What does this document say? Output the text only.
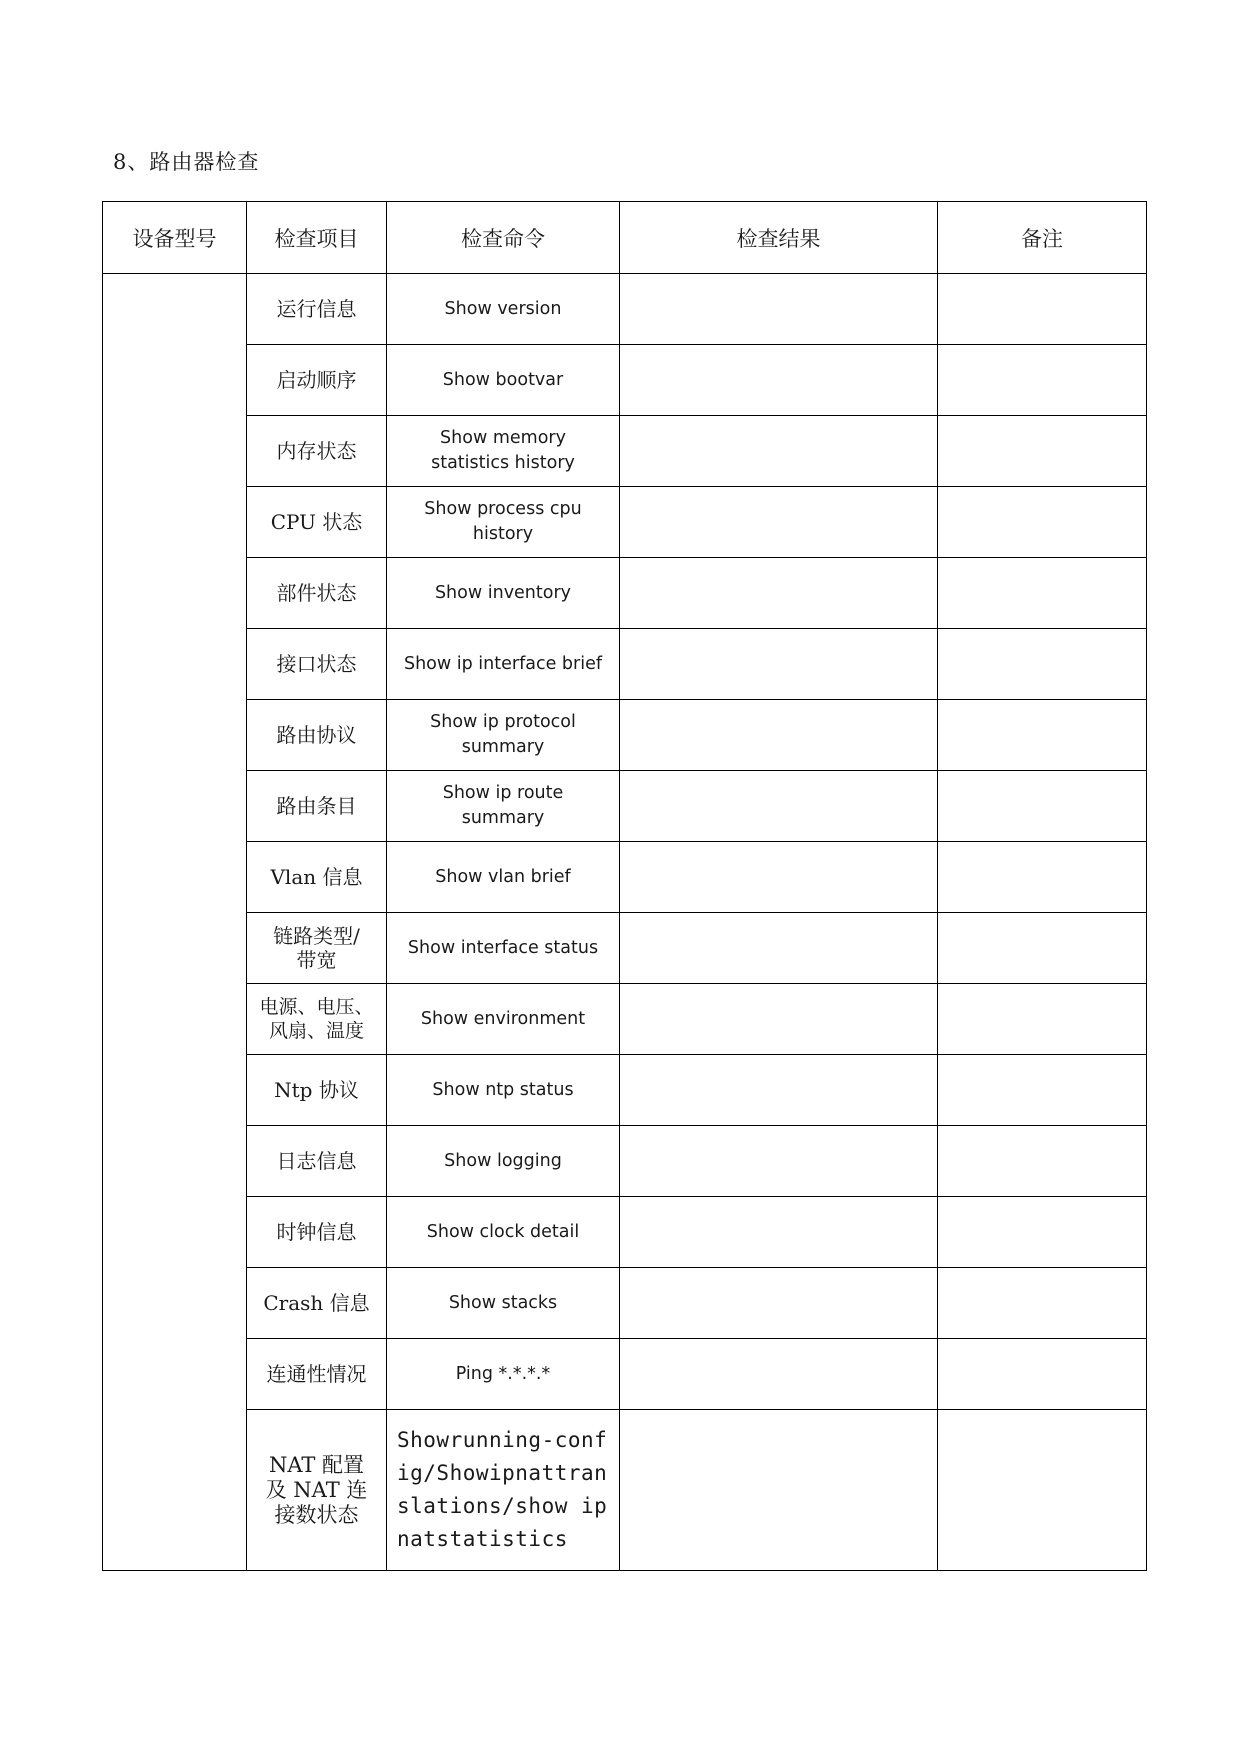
8、路由器检查
设备型号	检查项目	检查命令	检查结果	备注
	运行信息	Show version		
	启动顺序	Show bootvar		
	内存状态	Show memory statistics history		
	CPU 状态	Show process cpu history		
	部件状态	Show inventory		
	接口状态	Show ip interface brief		
	路由协议	Show ip protocol summary		
	路由条目	Show ip route summary		
	Vlan 信息	Show vlan brief		
	链路类型/带宽	Show interface status		
	电源、电压、风扇、温度	Show environment		
	Ntp 协议	Show ntp status		
	日志信息	Show logging		
	时钟信息	Show clock detail		
	Crash 信息	Show stacks		
	连通性情况	Ping *.*.*.*		
	NAT 配置及 NAT 连接数状态	Showrunning-config/Showipnattranslations/show ip natstatistics		
